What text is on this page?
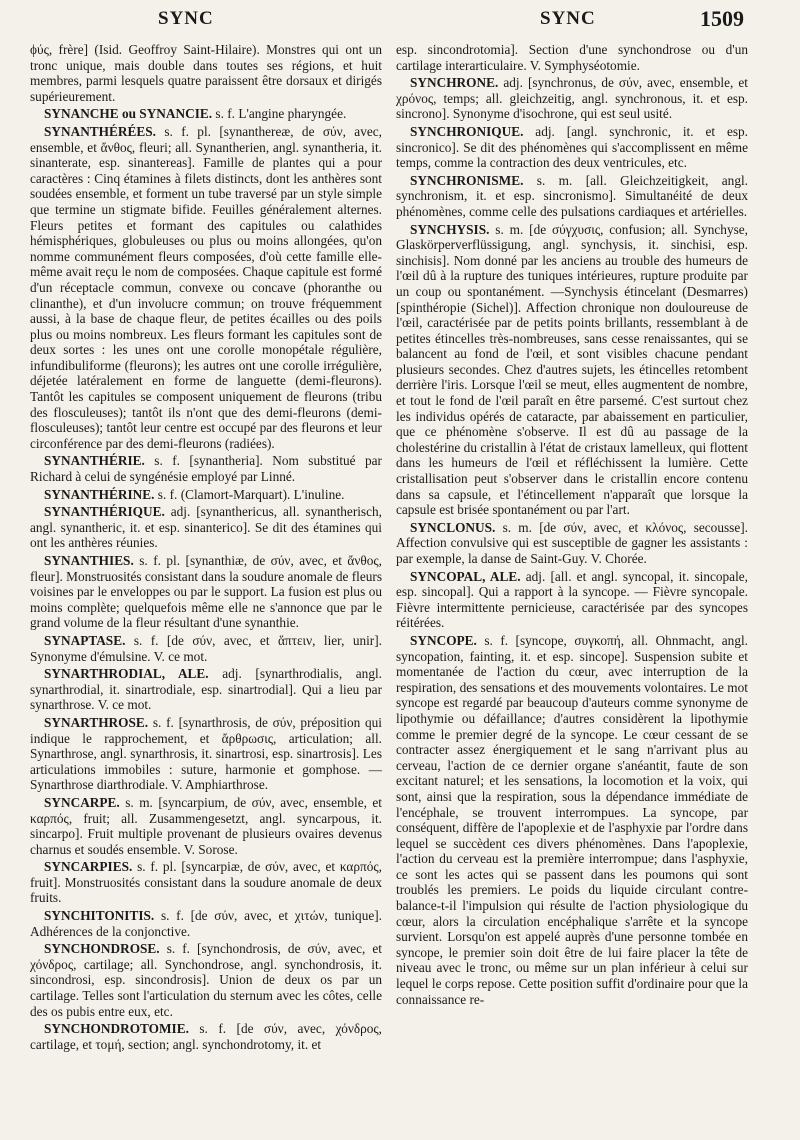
SYNC	SYNC	1509

ϕύς, frère] (Isid. Geoffroy Saint-Hilaire). Monstres qui ont un tronc unique, mais double dans toutes ses régions, et huit membres, parmi lesquels quatre paraissent être dorsaux et dirigés supérieurement.

SYNANCHE ou SYNANCIE. s. f. L'angine pharyngée.

SYNANTHÉRÉES. s. f. pl. [synanthereæ, de σύν, avec, ensemble, et ἄνθος, fleuri; all. Synantherien, angl. synantheria, it. sinanterate, esp. sinantereas]. Famille de plantes qui a pour caractères : Cinq étamines à filets distincts, dont les anthères sont soudées ensemble, et forment un tube traversé par un style simple que termine un stigmate bifide. Feuilles généralement alternes. Fleurs petites et formant des capitules ou calathides hémisphériques, globuleuses ou plus ou moins allongées, qu'on nomme communément fleurs composées, d'où cette famille elle-même avait reçu le nom de composées. Chaque capitule est formé d'un réceptacle commun, convexe ou concave (phoranthe ou clinanthe), et d'un involucre commun; on trouve fréquemment aussi, à la base de chaque fleur, de petites écailles ou des poils plus ou moins nombreux. Les fleurs formant les capitules sont de deux sortes : les unes ont une corolle monopétale régulière, infundibuliforme (fleurons); les autres ont une corolle irrégulière, déjetée latéralement en forme de languette (demi-fleurons). Tantôt les capitules se composent uniquement de fleurons (tribu des flosculeuses); tantôt ils n'ont que des demi-fleurons (demi-flosculeuses); tantôt leur centre est occupé par des fleurons et leur circonférence par des demi-fleurons (radiées).

SYNANTHÉRIE. s. f. [synantheria]. Nom substitué par Richard à celui de syngénésie employé par Linné.

SYNANTHÉRINE. s. f. (Clamort-Marquart). L'inuline.

SYNANTHÉRIQUE. adj. [synanthericus, all. synantherisch, angl. synantheric, it. et esp. sinanterico]. Se dit des étamines qui ont les anthères réunies.

SYNANTHIES. s. f. pl. [synanthiæ, de σύν, avec, et ἄνθος, fleur]. Monstruosités consistant dans la soudure anomale de fleurs voisines par le enveloppes ou par le support. La fusion est plus ou moins complète; quelquefois même elle ne s'annonce que par le grand volume de la fleur résultant d'une synanthie.

SYNAPTASE. s. f. [de σύν, avec, et ἅπτειν, lier, unir]. Synonyme d'émulsine. V. ce mot.

SYNARTHRODIAL, ALE. adj. [synarthrodialis, angl. synarthrodial, it. sinartrodiale, esp. sinartrodial]. Qui a lieu par synarthrose. V. ce mot.

SYNARTHROSE. s. f. [synarthrosis, de σύν, préposition qui indique le rapprochement, et ἄρθρωσις, articulation; all. Synarthrose, angl. synarthrosis, it. sinartrosi, esp. sinartrosis]. Les articulations immobiles : suture, harmonie et gomphose. — Synarthrose diarthrodiale. V. Amphiarthrose.

SYNCARPE. s. m. [syncarpium, de σύν, avec, ensemble, et καρπός, fruit; all. Zusammengesetzt, angl. syncarpous, it. sincarpo]. Fruit multiple provenant de plusieurs ovaires devenus charnus et soudés ensemble. V. Sorose.

SYNCARPIES. s. f. pl. [syncarpiæ, de σύν, avec, et καρπός, fruit]. Monstruosités consistant dans la soudure anomale de deux fruits.

SYNCHITONITIS. s. f. [de σύν, avec, et χιτών, tunique]. Adhérences de la conjonctive.

SYNCHONDROSE. s. f. [synchondrosis, de σύν, avec, et χόνδρος, cartilage; all. Synchondrose, angl. synchondrosis, it. sincondrosi, esp. sincondrosis]. Union de deux os par un cartilage. Telles sont l'articulation du sternum avec les côtes, celle des os pubis entre eux, etc.

SYNCHONDROTOMIE. s. f. [de σύν, avec, χόνδρος, cartilage, et τομή, section; angl. synchondrotomy, it. et

esp. sincondrotomia]. Section d'une synchondrose ou d'un cartilage interarticulaire. V. Symphyséotomie.

SYNCHRONE. adj. [synchronus, de σύν, avec, ensemble, et χρόνος, temps; all. gleichzeitig, angl. synchronous, it. et esp. sincrono]. Synonyme d'isochrone, qui est seul usité.

SYNCHRONIQUE. adj. [angl. synchronic, it. et esp. sincronico]. Se dit des phénomènes qui s'accomplissent en même temps, comme la contraction des deux ventricules, etc.

SYNCHRONISME. s. m. [all. Gleichzeitigkeit, angl. synchronism, it. et esp. sincronismo]. Simultanéité de deux phénomènes, comme celle des pulsations cardiaques et artérielles.

SYNCHYSIS. s. m. [de σύγχυσις, confusion; all. Synchyse, Glaskörperverflüssigung, angl. synchysis, it. sinchisi, esp. sinchisis]. Nom donné par les anciens au trouble des humeurs de l'œil dû à la rupture des tuniques intérieures, rupture produite par un coup ou spontanément. —Synchysis étincelant (Desmarres) [spinthéropie (Sichel)]. Affection chronique non douloureuse de l'œil, caractérisée par de petits points brillants, ressemblant à de petites étincelles très-nombreuses, sans cesse renaissantes, qui se balancent au fond de l'œil, et sont visibles chacune pendant plusieurs secondes. Chez d'autres sujets, les étincelles retombent derrière l'iris. Lorsque l'œil se meut, elles augmentent de nombre, et tout le fond de l'œil paraît en être parsemé. C'est surtout chez les individus opérés de cataracte, par abaissement en particulier, que ce phénomène s'observe. Il est dû au passage de la cholestérine du cristallin à l'état de cristaux lamelleux, qui flottent dans les humeurs de l'œil et réfléchissent la lumière. Cette cristallisation peut s'observer dans le cristallin encore contenu dans sa capsule, et l'étincellement n'apparaît que lorsque la capsule est brisée spontanément ou par l'art.

SYNCLONUS. s. m. [de σύν, avec, et κλόνος, secousse]. Affection convulsive qui est susceptible de gagner les assistants : par exemple, la danse de Saint-Guy. V. Chorée.

SYNCOPAL, ALE. adj. [all. et angl. syncopal, it. sincopale, esp. sincopal]. Qui a rapport à la syncope. — Fièvre syncopale. Fièvre intermittente pernicieuse, caractérisée par des syncopes réitérées.

SYNCOPE. s. f. [syncope, συγκοπή, all. Ohnmacht, angl. syncopation, fainting, it. et esp. sincope]. Suspension subite et momentanée de l'action du cœur, avec interruption de la respiration, des sensations et des mouvements volontaires. Le mot syncope est regardé par beaucoup d'auteurs comme synonyme de lipothymie ou défaillance; d'autres considèrent la lipothymie comme le premier degré de la syncope. Le cœur cessant de se contracter assez énergiquement et le sang n'arrivant plus au cerveau, l'action de ce dernier organe s'anéantit, faute de son excitant naturel; et les sensations, la locomotion et la voix, qui sont, ainsi que la respiration, sous la dépendance immédiate de l'encéphale, se trouvent interrompues. La syncope, par conséquent, diffère de l'apoplexie et de l'asphyxie par l'ordre dans lequel se succèdent ces divers phénomènes. Dans l'apoplexie, l'action du cerveau est la première interrompue; dans l'asphyxie, ce sont les actes qui se passent dans les poumons qui sont troublés les premiers. Le poids du liquide circulant contre-balance-t-il l'impulsion qui résulte de l'action physiologique du cœur, alors la circulation encéphalique s'arrête et la syncope survient. Lorsqu'on est appelé auprès d'une personne tombée en syncope, le premier soin doit être de lui faire placer la tête de niveau avec le tronc, ou même sur un plan inférieur à celui sur lequel le corps repose. Cette position suffit d'ordinaire pour que la connaissance re-
